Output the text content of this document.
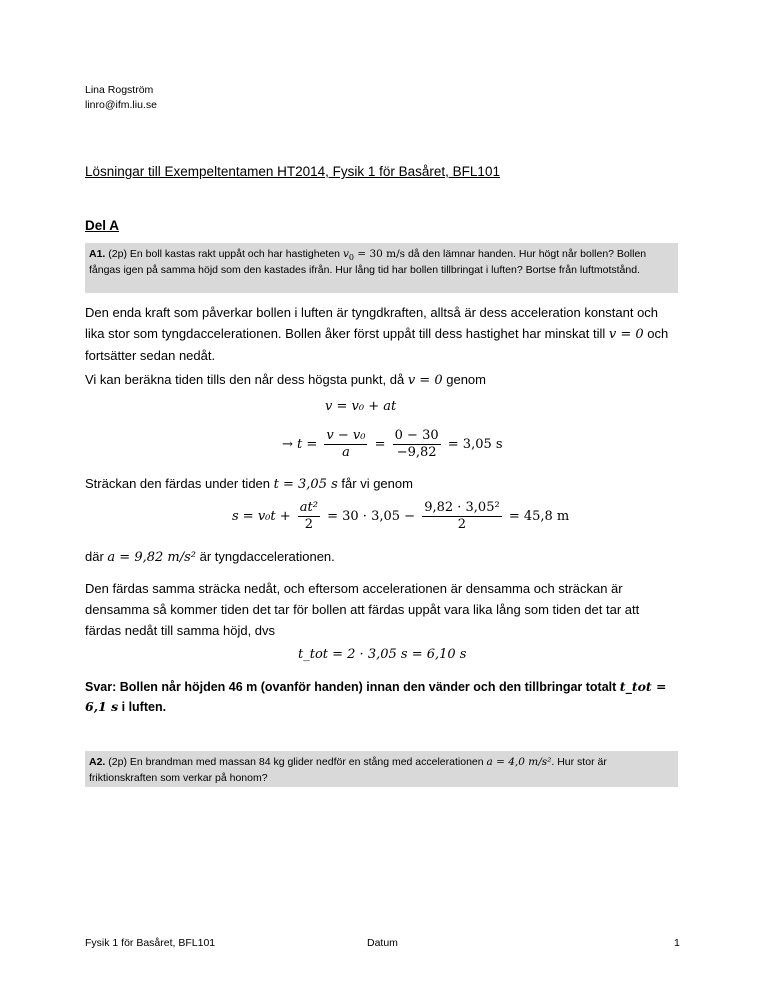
Lina Rogström
linro@ifm.liu.se
Lösningar till Exempeltentamen HT2014, Fysik 1 för Basåret, BFL101
Del A
A1. (2p) En boll kastas rakt uppåt och har hastigheten $v_0 = 30$ m/s då den lämnar handen. Hur högt når bollen? Bollen fångas igen på samma höjd som den kastades ifrån. Hur lång tid har bollen tillbringat i luften? Bortse från luftmotstånd.
Den enda kraft som påverkar bollen i luften är tyngdkraften, alltså är dess acceleration konstant och lika stor som tyngdaccelerationen. Bollen åker först uppåt till dess hastighet har minskat till v = 0 och fortsätter sedan nedåt.
Vi kan beräkna tiden tills den når dess högsta punkt, då v = 0 genom
v = v₀ + at
→ $t = \frac{\text{v − v₀}}{a} = \frac{0 - 30}{-9,82} = 3,05$ s
Sträckan den färdas under tiden t = 3,05 s får vi genom
$s = v_0t + \frac{\text{at²}}{2} = 30 \cdot 3,05 - \frac{\text{9,82 · 3,05²}}{2} = 45,8$ m
där a = 9,82 m/s² är tyngdaccelerationen.
Den färdas samma sträcka nedåt, och eftersom accelerationen är densamma och sträckan är densamma så kommer tiden det tar för bollen att färdas uppåt vara lika lång som tiden det tar att färdas nedåt till samma höjd, dvs
t_tot = 2 · 3,05 s = 6,10 s
Svar: Bollen når höjden 46 m (ovanför handen) innan den vänder och den tillbringar totalt t_tot = 6,1 s i luften.
A2. (2p) En brandman med massan 84 kg glider nedför en stång med accelerationen a = 4,0 m/s². Hur stor är friktionskraften som verkar på honom?
Fysik 1 för Basåret, BFL101	Datum	1
